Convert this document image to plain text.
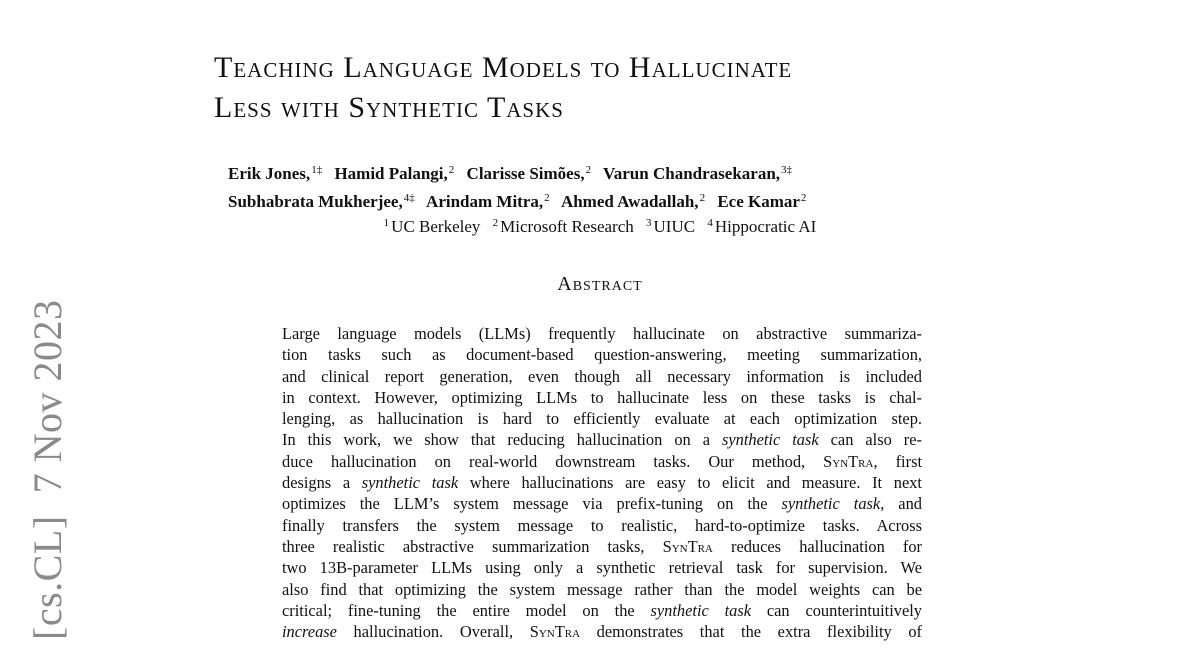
[cs.CL]7 Nov 2023
Teaching Language Models to Hallucinate
Less with Synthetic Tasks
Erik Jones,$^{1\ddagger}$ Hamid Palangi,$^2$ Clarisse Simões,$^2$ Varun Chandrasekaran,$^{3\ddagger}$
Subhabrata Mukherjee,$^{4\ddagger}$ Arindam Mitra,$^2$ Ahmed Awadallah,$^2$ Ece Kamar$^2$
$^1$ UC Berkeley $^2$ Microsoft Research $^3$ UIUC $^4$ Hippocratic AI
Abstract
Large language models (LLMs) frequently hallucinate on abstractive summariza-
tion tasks such as document-based question-answering, meeting summarization,
and clinical report generation, even though all necessary information is included
in context. However, optimizing LLMs to hallucinate less on these tasks is chal-
lenging, as hallucination is hard to efficiently evaluate at each optimization step.
In this work, we show that reducing hallucination on a synthetic task can also re-
duce hallucination on real-world downstream tasks. Our method, SynTra, first
designs a synthetic task where hallucinations are easy to elicit and measure. It next
optimizes the LLM’s system message via prefix-tuning on the synthetic task, and
finally transfers the system message to realistic, hard-to-optimize tasks. Across
three realistic abstractive summarization tasks, SynTra reduces hallucination for
two 13B-parameter LLMs using only a synthetic retrieval task for supervision. We
also find that optimizing the system message rather than the model weights can be
critical; fine-tuning the entire model on the synthetic task can counterintuitively
increase hallucination. Overall, SynTra demonstrates that the extra flexibility of
